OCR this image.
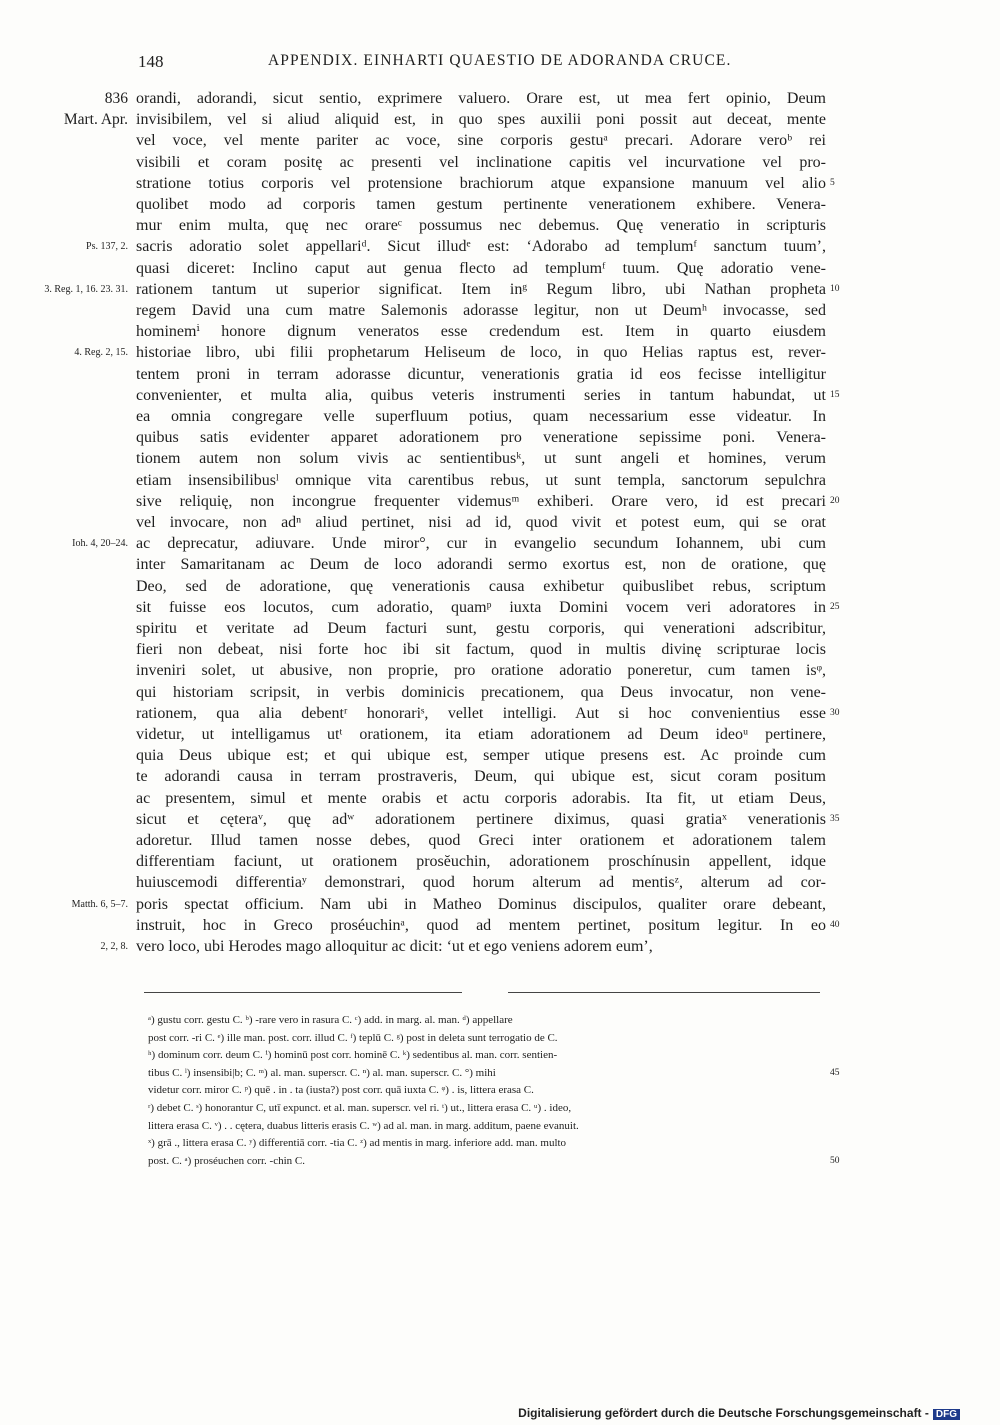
148	APPENDIX. EINHARTI QUAESTIO DE ADORANDA CRUCE.
836 orandi, adorandi, sicut sentio, exprimere valuero. Orare est, ut mea fert opinio, Deum
Mart. Apr. invisibilem, vel si aliud aliquid est, in quo spes auxilii poni possit aut deceat, mente
vel voce, vel mente pariter ac voce, sine corporis gestuᵃ precari. Adorare veroᵇ rei
visibili et coram positę ac presenti vel inclinatione capitis vel incurvatione vel pro-
stratione totius corporis vel protensione brachiorum atque expansione manuum vel alio 5
quolibet modo ad corporis tamen gestum pertinente venerationem exhibere. Venera-
mur enim multa, quę nec orareᶜ possumus nec debemus. Quę veneratio in scripturis
Ps. 137, 2. sacris adoratio solet appellariᵈ. Sicut illudᵉ est: ‘Adorabo ad templumᶠ sanctum tuum’,
quasi diceret: Inclino caput aut genua flecto ad templumᶠ tuum. Quę adoratio vene-
3. Reg. 1, 16. 23. 31. rationem tantum ut superior significat. Item inᵍ Regum libro, ubi Nathan propheta 10
regem David una cum matre Salemonis adorasse legitur, non ut Deumʰ invocasse, sed
hominemⁱ honore dignum veneratos esse credendum est. Item in quarto eiusdem
4. Reg. 2, 15. historiae libro, ubi filii prophetarum Heliseum de loco, in quo Helias raptus est, rever-
tentem proni in terram adorasse dicuntur, venerationis gratia id eos fecisse intelligitur
convenienter, et multa alia, quibus veteris instrumenti series in tantum habundat, ut 15
ea omnia congregare velle superfluum potius, quam necessarium esse videatur. In
quibus satis evidenter apparet adorationem pro veneratione sepissime poni. Venera-
tionem autem non solum vivis ac sentientibusᵏ, ut sunt angeli et homines, verum
etiam insensibilibusˡ omnique vita carentibus rebus, ut sunt templa, sanctorum sepulchra
sive reliquię, non incongrue frequenter videmusᵐ exhiberi. Orare vero, id est precari 20
vel invocare, non adⁿ aliud pertinet, nisi ad id, quod vivit et potest eum, qui se orat
Ioh. 4, 20–24. ac deprecatur, adiuvare. Unde miror°, cur in evangelio secundum Iohannem, ubi cum
inter Samaritanam ac Deum de loco adorandi sermo exortus est, non de oratione, quę
Deo, sed de adoratione, quę venerationis causa exhibetur quibuslibet rebus, scriptum
sit fuisse eos locutos, cum adoratio, quamᵖ iuxta Domini vocem veri adoratores in 25
spiritu et veritate ad Deum facturi sunt, gestu corporis, qui venerationi adscribitur,
fieri non debeat, nisi forte hoc ibi sit factum, quod in multis divinę scripturae locis
inveniri solet, ut abusive, non proprie, pro oratione adoratio poneretur, cum tamen isᵠ,
qui historiam scripsit, in verbis dominicis precationem, qua Deus invocatur, non vene-
rationem, qua alia debentʳ honorariˢ, vellet intelligi. Aut si hoc convenientius esse 30
videtur, ut intelligamus utᵗ orationem, ita etiam adorationem ad Deum ideoᵘ pertinere,
quia Deus ubique est; et qui ubique est, semper utique presens est. Ac proinde cum
te adorandi causa in terram prostraveris, Deum, qui ubique est, sicut coram positum
ac presentem, simul et mente orabis et actu corporis adorabis. Ita fit, ut etiam Deus,
sicut et cęteraᵛ, quę adʷ adorationem pertinere diximus, quasi gratiaˣ venerationis 35
adoretur. Illud tamen nosse debes, quod Greci inter orationem et adorationem talem
differentiam faciunt, ut orationem prosĕuchin, adorationem proschínusin appellent, idque
huiuscemodi differentiaʸ demonstrari, quod horum alterum ad mentisᶻ, alterum ad cor-
Matth. 6, 5–7. poris spectat officium. Nam ubi in Matheo Dominus discipulos, qualiter orare debeant,
instruit, hoc in Greco proséuchinᵃ, quod ad mentem pertinet, positum legitur. In eo 40
2, 2, 8. vero loco, ubi Herodes mago alloquitur ac dicit: ‘ut et ego veniens adorem eum’,
ᵃ) gustu corr. gestu C. ᵇ) -rare vero in rasura C. ᶜ) add. in marg. al. man. ᵈ) appellare
post corr. -ri C. ᵉ) ille man. post. corr. illud C. ᶠ) teplū C. ᵍ) post in deleta sunt terrogatio de C.
ʰ) dominum corr. deum C. ⁱ) hominū post corr. hominē C. ᵏ) sedentibus al. man. corr. sentien-
tibus C. ˡ) insensibi|b; C. ᵐ) al. man. superscr. C. ⁿ) al. man. superscr. C. °) mihi	45
videtur corr. miror C. ᵖ) quē . in . ta (iusta?) post corr. quā iuxta C. ᵠ) . is, littera erasa C.
ʳ) debet C. ˢ) honorantur C, utī expunct. et al. man. superscr. vel ri. ᵗ) ut., littera erasa C. ᵘ) . ideo,
littera erasa C. ᵛ) . . cętera, duabus litteris erasis C. ʷ) ad al. man. in marg. additum, paene evanuit.
ˣ) grā ., littera erasa C. ʸ) differentiā corr. -tia C. ᶻ) ad mentis in marg. inferiore add. man. multo
post. C. ᵃ) proséuchen corr. -chin C.	50
Digitalisierung gefördert durch die Deutsche Forschungsgemeinschaft - DFG
